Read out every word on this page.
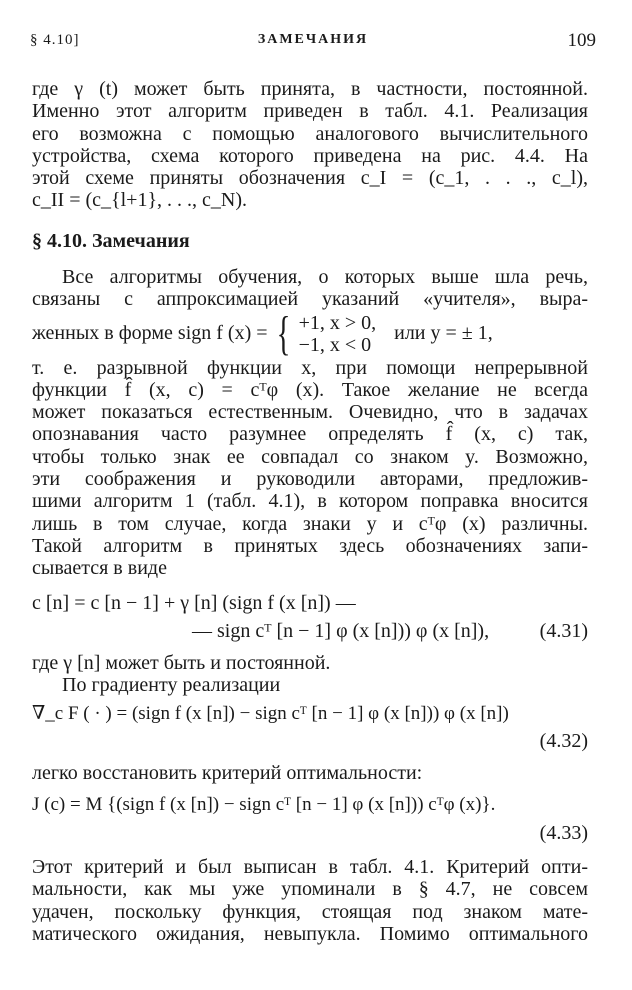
§ 4.10]	ЗАМЕЧАНИЯ	109
где γ (t) может быть принята, в частности, постоянной.
Именно этот алгоритм приведен в табл. 4.1. Реализация
его возможна с помощью аналогового вычислительного
устройства, схема которого приведена на рис. 4.4. На
этой схеме приняты обозначения c_I = (c_1, . . ., c_l),
c_II = (c_{l+1}, . . ., c_N).
§ 4.10. Замечания
Все алгоритмы обучения, о которых выше шла речь,
связаны с аппроксимацией указаний «учителя», выра-
женных в форме sign f (x) = { +1, x > 0,
−1, x < 0
или y = ± 1,
т. е. разрывной функции x, при помощи непрерывной
функции f̂ (x, c) = cᵀφ (x). Такое желание не всегда
может показаться естественным. Очевидно, что в задачах
опознавания часто разумнее определять f̂ (x, c) так,
чтобы только знак ее совпадал со знаком y. Возможно,
эти соображения и руководили авторами, предложив-
шими алгоритм 1 (табл. 4.1), в котором поправка вносится
лишь в том случае, когда знаки y и cᵀφ (x) различны.
Такой алгоритм в принятых здесь обозначениях запи-
сывается в виде
c [n] = c [n − 1] + γ [n] (sign f (x [n]) —
— sign cᵀ [n − 1] φ (x [n])) φ (x [n]),	(4.31)
где γ [n] может быть и постоянной.
По градиенту реализации
∇_c F ( · ) = (sign f (x [n]) − sign cᵀ [n − 1] φ (x [n])) φ (x [n])
(4.32)
легко восстановить критерий оптимальности:
J (c) = M {(sign f (x [n]) − sign cᵀ [n − 1] φ (x [n])) cᵀφ (x)}.
(4.33)
Этот критерий и был выписан в табл. 4.1. Критерий опти-
мальности, как мы уже упоминали в § 4.7, не совсем
удачен, поскольку функция, стоящая под знаком мате-
матического ожидания, невыпукла. Помимо оптимального
